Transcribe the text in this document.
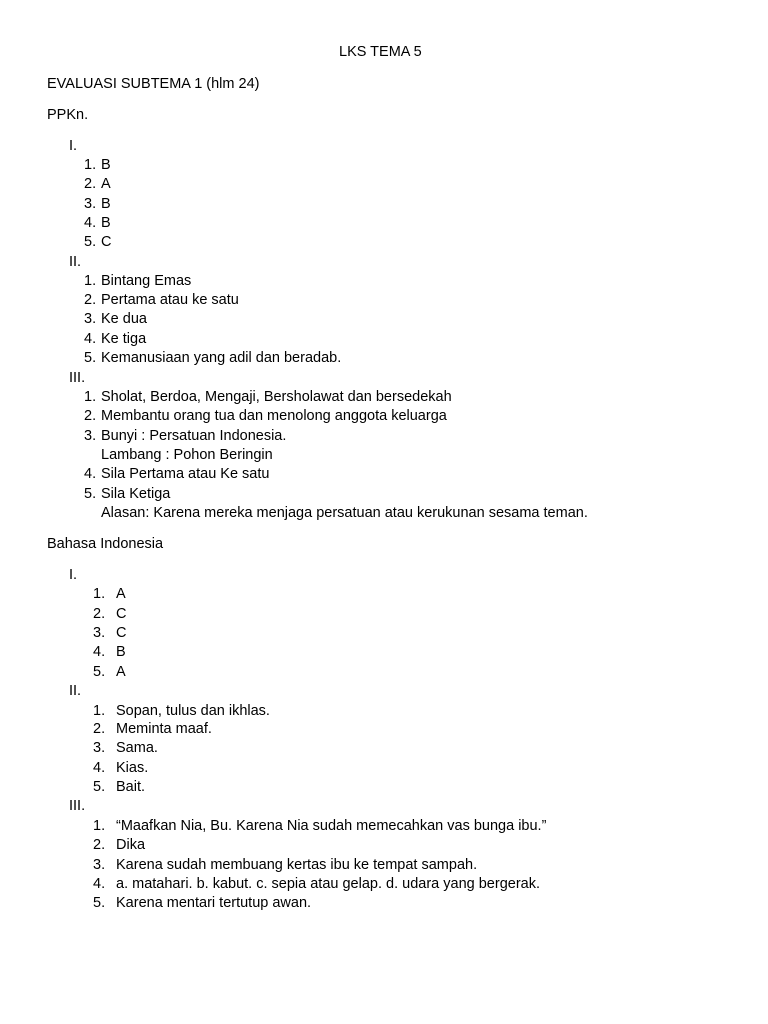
LKS TEMA 5
EVALUASI SUBTEMA 1 (hlm 24)
PPKn.
I.
1. B
2. A
3. B
4. B
5. C
II.
1. Bintang Emas
2. Pertama atau ke satu
3. Ke dua
4. Ke tiga
5. Kemanusiaan yang adil dan beradab.
III.
1. Sholat, Berdoa, Mengaji, Bersholawat dan bersedekah
2. Membantu orang tua dan menolong anggota keluarga
3. Bunyi : Persatuan Indonesia.
Lambang : Pohon Beringin
4. Sila Pertama atau Ke satu
5. Sila Ketiga
Alasan: Karena mereka menjaga persatuan atau kerukunan sesama teman.
Bahasa Indonesia
I.
1. A
2. C
3. C
4. B
5. A
II.
1. Sopan, tulus dan ikhlas.
2. Meminta maaf.
3. Sama.
4. Kias.
5. Bait.
III.
1. “Maafkan Nia, Bu. Karena Nia sudah memecahkan vas bunga ibu.”
2. Dika
3. Karena sudah membuang kertas ibu ke tempat sampah.
4. a. matahari. b. kabut. c. sepia atau gelap. d. udara yang bergerak.
5. Karena mentari tertutup awan.
